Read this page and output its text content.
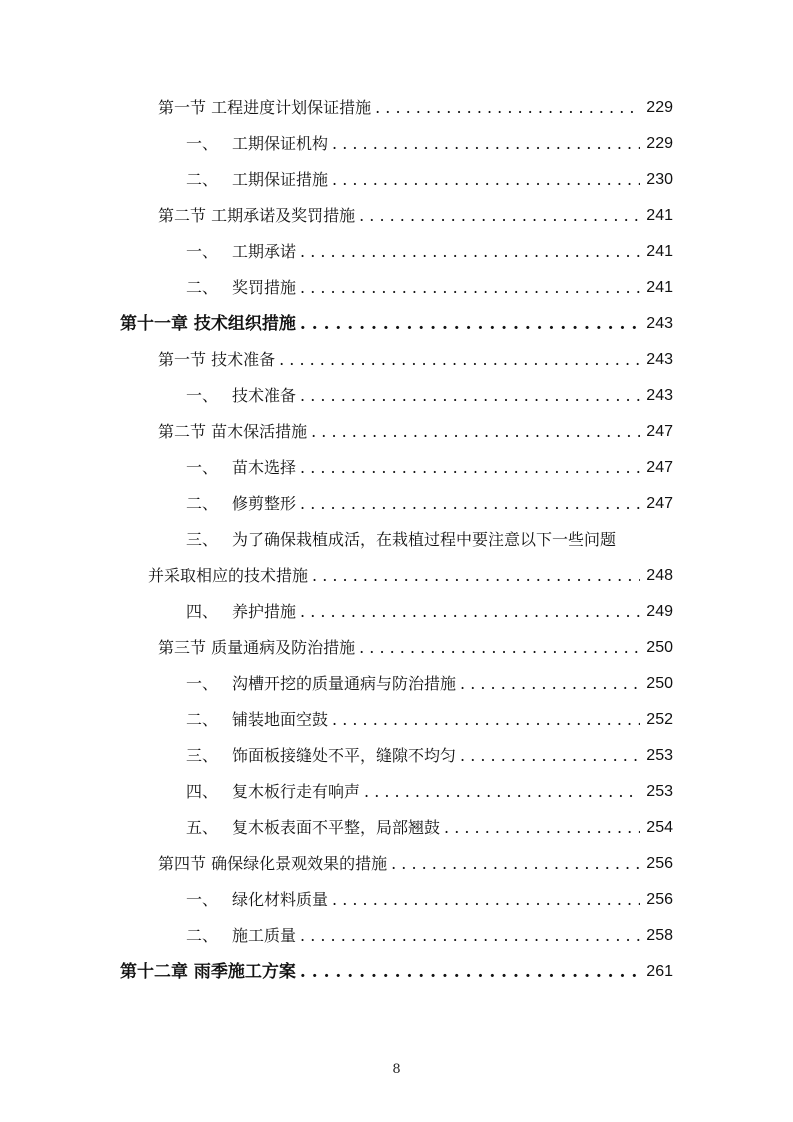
第一节 工程进度计划保证措施 . . .	229
一、 工期保证机构 . . .	229
二、 工期保证措施 . . .	230
第二节 工期承诺及奖罚措施 . . .	241
一、 工期承诺 . . .	241
二、 奖罚措施 . . .	241
第十一章 技术组织措施 . . .	243
第一节 技术准备 . . .	243
一、 技术准备 . . .	243
第二节 苗木保活措施 . . .	247
一、 苗木选择 . . .	247
二、 修剪整形 . . .	247
三、 为了确保栽植成活，在栽植过程中要注意以下一些问题
并采取相应的技术措施 . . .	248
四、 养护措施 . . .	249
第三节 质量通病及防治措施 . . .	250
一、 沟槽开挖的质量通病与防治措施 . . .	250
二、 铺装地面空鼓 . . .	252
三、 饰面板接缝处不平，缝隙不均匀 . . .	253
四、 复木板行走有响声 . . .	253
五、 复木板表面不平整，局部翘鼓 . . .	254
第四节 确保绿化景观效果的措施 . . .	256
一、 绿化材料质量 . . .	256
二、 施工质量 . . .	258
第十二章 雨季施工方案 . . .	261
8
